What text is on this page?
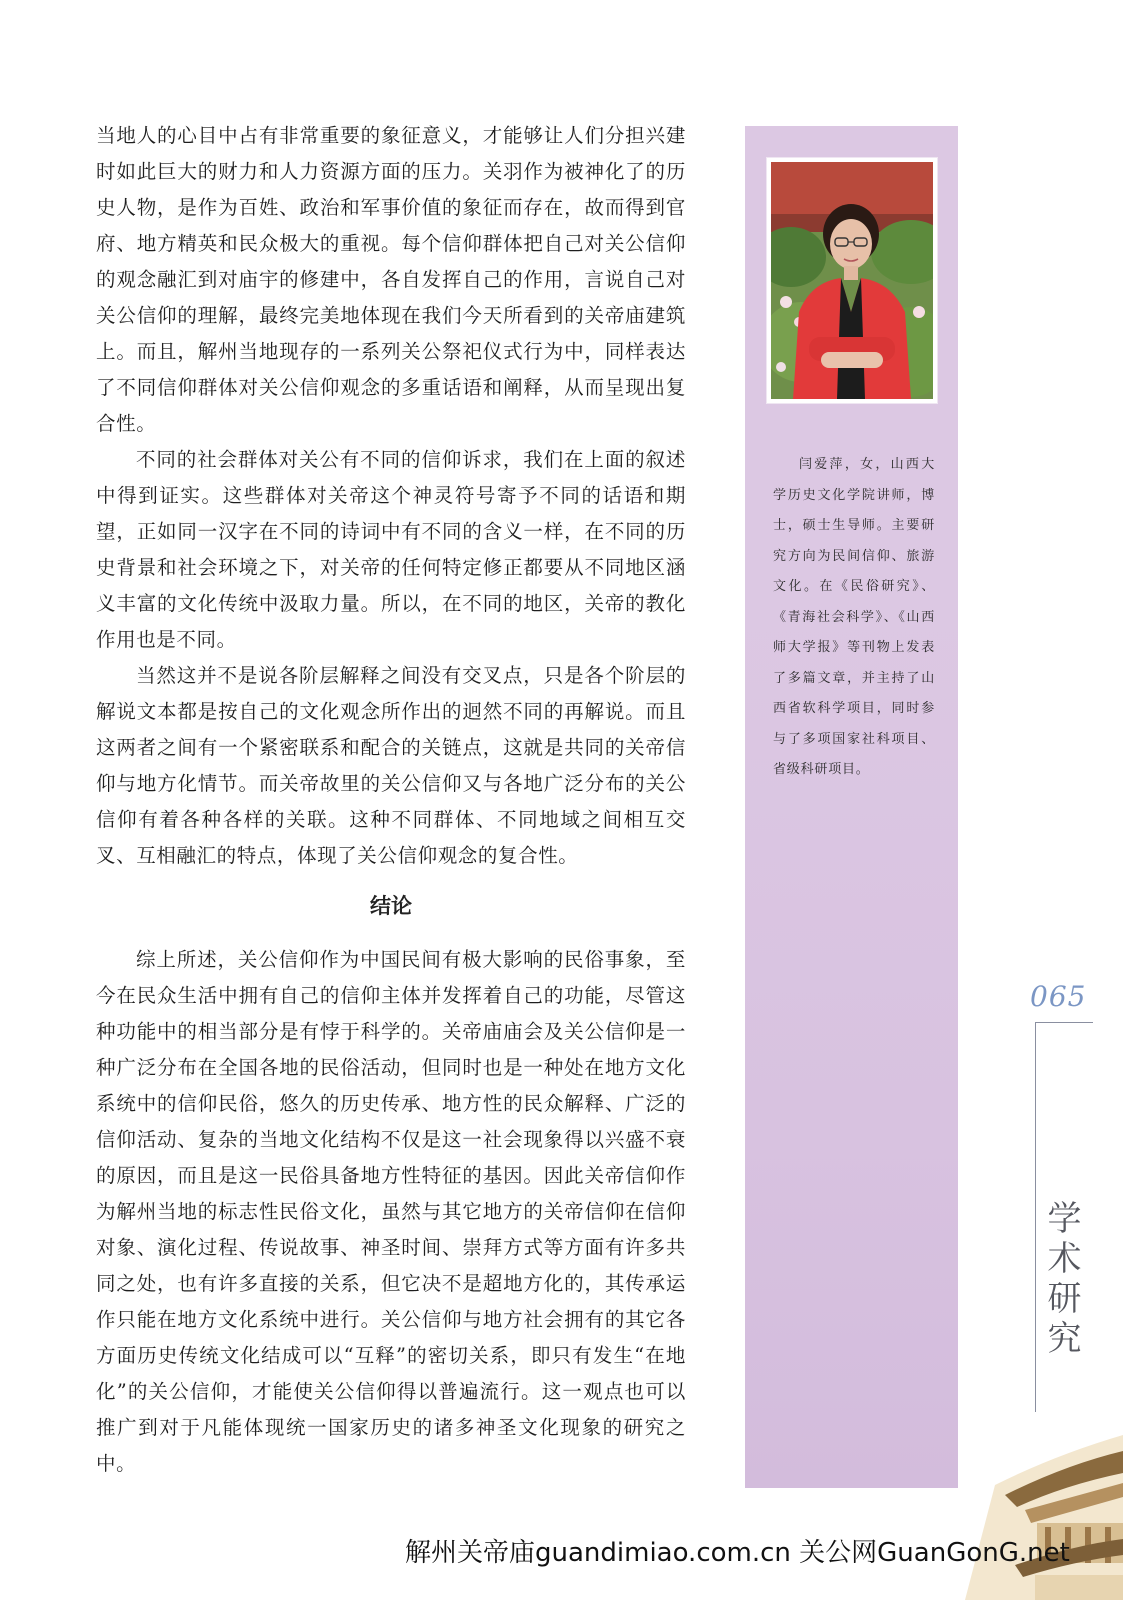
当地人的心目中占有非常重要的象征意义，才能够让人们分担兴建时如此巨大的财力和人力资源方面的压力。关羽作为被神化了的历史人物，是作为百姓、政治和军事价值的象征而存在，故而得到官府、地方精英和民众极大的重视。每个信仰群体把自己对关公信仰的观念融汇到对庙宇的修建中，各自发挥自己的作用，言说自己对关公信仰的理解，最终完美地体现在我们今天所看到的关帝庙建筑上。而且，解州当地现存的一系列关公祭祀仪式行为中，同样表达了不同信仰群体对关公信仰观念的多重话语和阐释，从而呈现出复合性。

不同的社会群体对关公有不同的信仰诉求，我们在上面的叙述中得到证实。这些群体对关帝这个神灵符号寄予不同的话语和期望，正如同一汉字在不同的诗词中有不同的含义一样，在不同的历史背景和社会环境之下，对关帝的任何特定修正都要从不同地区涵义丰富的文化传统中汲取力量。所以，在不同的地区，关帝的教化作用也是不同。

当然这并不是说各阶层解释之间没有交叉点，只是各个阶层的解说文本都是按自己的文化观念所作出的迥然不同的再解说。而且这两者之间有一个紧密联系和配合的关链点，这就是共同的关帝信仰与地方化情节。而关帝故里的关公信仰又与各地广泛分布的关公信仰有着各种各样的关联。这种不同群体、不同地域之间相互交叉、互相融汇的特点，体现了关公信仰观念的复合性。

结论

综上所述，关公信仰作为中国民间有极大影响的民俗事象，至今在民众生活中拥有自己的信仰主体并发挥着自己的功能，尽管这种功能中的相当部分是有悖于科学的。关帝庙庙会及关公信仰是一种广泛分布在全国各地的民俗活动，但同时也是一种处在地方文化系统中的信仰民俗，悠久的历史传承、地方性的民众解释、广泛的信仰活动、复杂的当地文化结构不仅是这一社会现象得以兴盛不衰的原因，而且是这一民俗具备地方性特征的基因。因此关帝信仰作为解州当地的标志性民俗文化，虽然与其它地方的关帝信仰在信仰对象、演化过程、传说故事、神圣时间、崇拜方式等方面有许多共同之处，也有许多直接的关系，但它决不是超地方化的，其传承运作只能在地方文化系统中进行。关公信仰与地方社会拥有的其它各方面历史传统文化结成可以“互释”的密切关系，即只有发生“在地化”的关公信仰，才能使关公信仰得以普遍流行。这一观点也可以推广到对于凡能体现统一国家历史的诸多神圣文化现象的研究之中。

闫爱萍，女，山西大学历史文化学院讲师，博士，硕士生导师。主要研究方向为民间信仰、旅游文化。在《民俗研究》、《青海社会科学》、《山西师大学报》等刊物上发表了多篇文章，并主持了山西省软科学项目，同时参与了多项国家社科项目、省级科研项目。

065
学术研究
解州关帝庙guandimiao.com.cn 关公网GuanGonG.net
